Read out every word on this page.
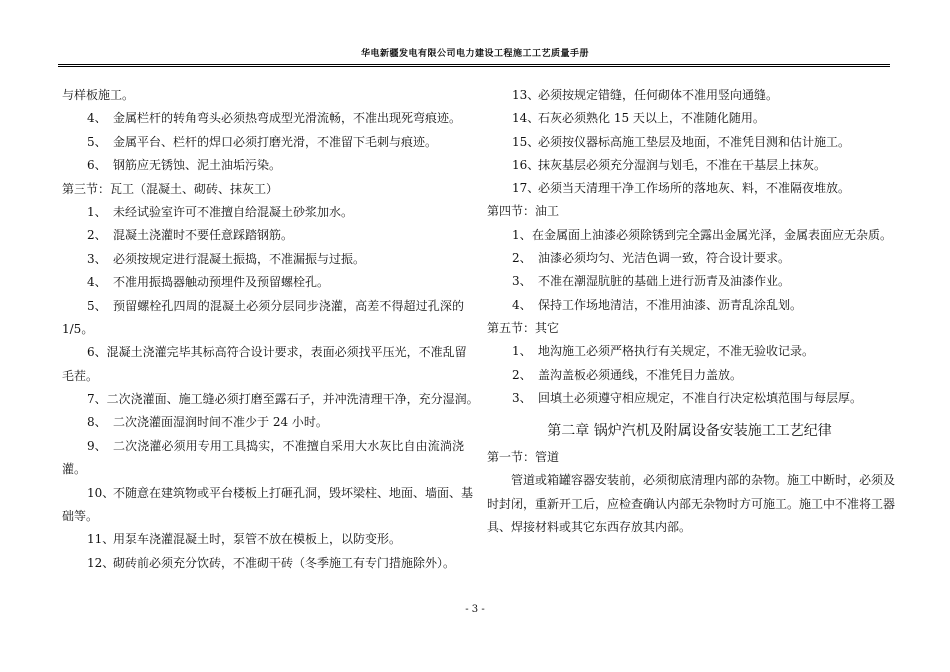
华电新疆发电有限公司电力建设工程施工工艺质量手册
与样板施工。
4、 金属栏杆的转角弯头必须热弯成型光滑流畅，不准出现死弯痕迹。
5、 金属平台、栏杆的焊口必须打磨光滑，不准留下毛刺与痕迹。
6、 钢筋应无锈蚀、泥土油垢污染。
第三节：瓦工（混凝土、砌砖、抹灰工）
1、 未经试验室许可不准擅自给混凝土砂浆加水。
2、 混凝土浇灌时不要任意踩踏钢筋。
3、 必须按规定进行混凝土振捣，不准漏振与过振。
4、 不准用振捣器触动预埋件及预留螺栓孔。
5、 预留螺栓孔四周的混凝土必须分层同步浇灌，高差不得超过孔深的
1/5。
6、 混凝土浇灌完毕其标高符合设计要求，表面必须找平压光，不准乱留
毛茬。
7、 二次浇灌面、施工缝必须打磨至露石子，并冲洗清理干净，充分湿润。
8、 二次浇灌面湿润时间不准少于 24 小时。
9、 二次浇灌必须用专用工具捣实，不准擅自采用大水灰比自由流淌浇
灌。
10、
不随意在建筑物或平台楼板上打砸孔洞，毁坏梁柱、地面、墙面、基
础等。
11、
用泵车浇灌混凝土时，泵管不放在模板上，以防变形。
12、
砌砖前必须充分饮砖，不准砌干砖（冬季施工有专门措施除外）。
13、
必须按规定错缝，任何砌体不准用竖向通缝。
14、
石灰必须熟化 15 天以上，不准随化随用。
15、
必须按仪器标高施工垫层及地面，不准凭目测和估计施工。
16、
抹灰基层必须充分湿润与划毛，不准在干基层上抹灰。
17、
必须当天清理干净工作场所的落地灰、料，不准隔夜堆放。
第四节：油工
1、 在金属面上油漆必须除锈到完全露出金属光泽，金属表面应无杂质。
2、 油漆必须均匀、光洁色调一致，符合设计要求。
3、 不准在潮湿肮脏的基础上进行沥青及油漆作业。
4、 保持工作场地清洁，不准用油漆、沥青乱涂乱划。
第五节：其它
1、 地沟施工必须严格执行有关规定，不准无验收记录。
2、 盖沟盖板必须通线，不准凭目力盖放。
3、 回填土必须遵守相应规定，不准自行决定松填范围与每层厚。
第二章 锅炉汽机及附属设备安装施工工艺纪律
第一节：管道
管道或箱罐容器安装前，必须彻底清理内部的杂物。施工中断时，必须及
时封闭，重新开工后，应检查确认内部无杂物时方可施工。施工中不准将工器
具、焊接材料或其它东西存放其内部。
- 3 -
